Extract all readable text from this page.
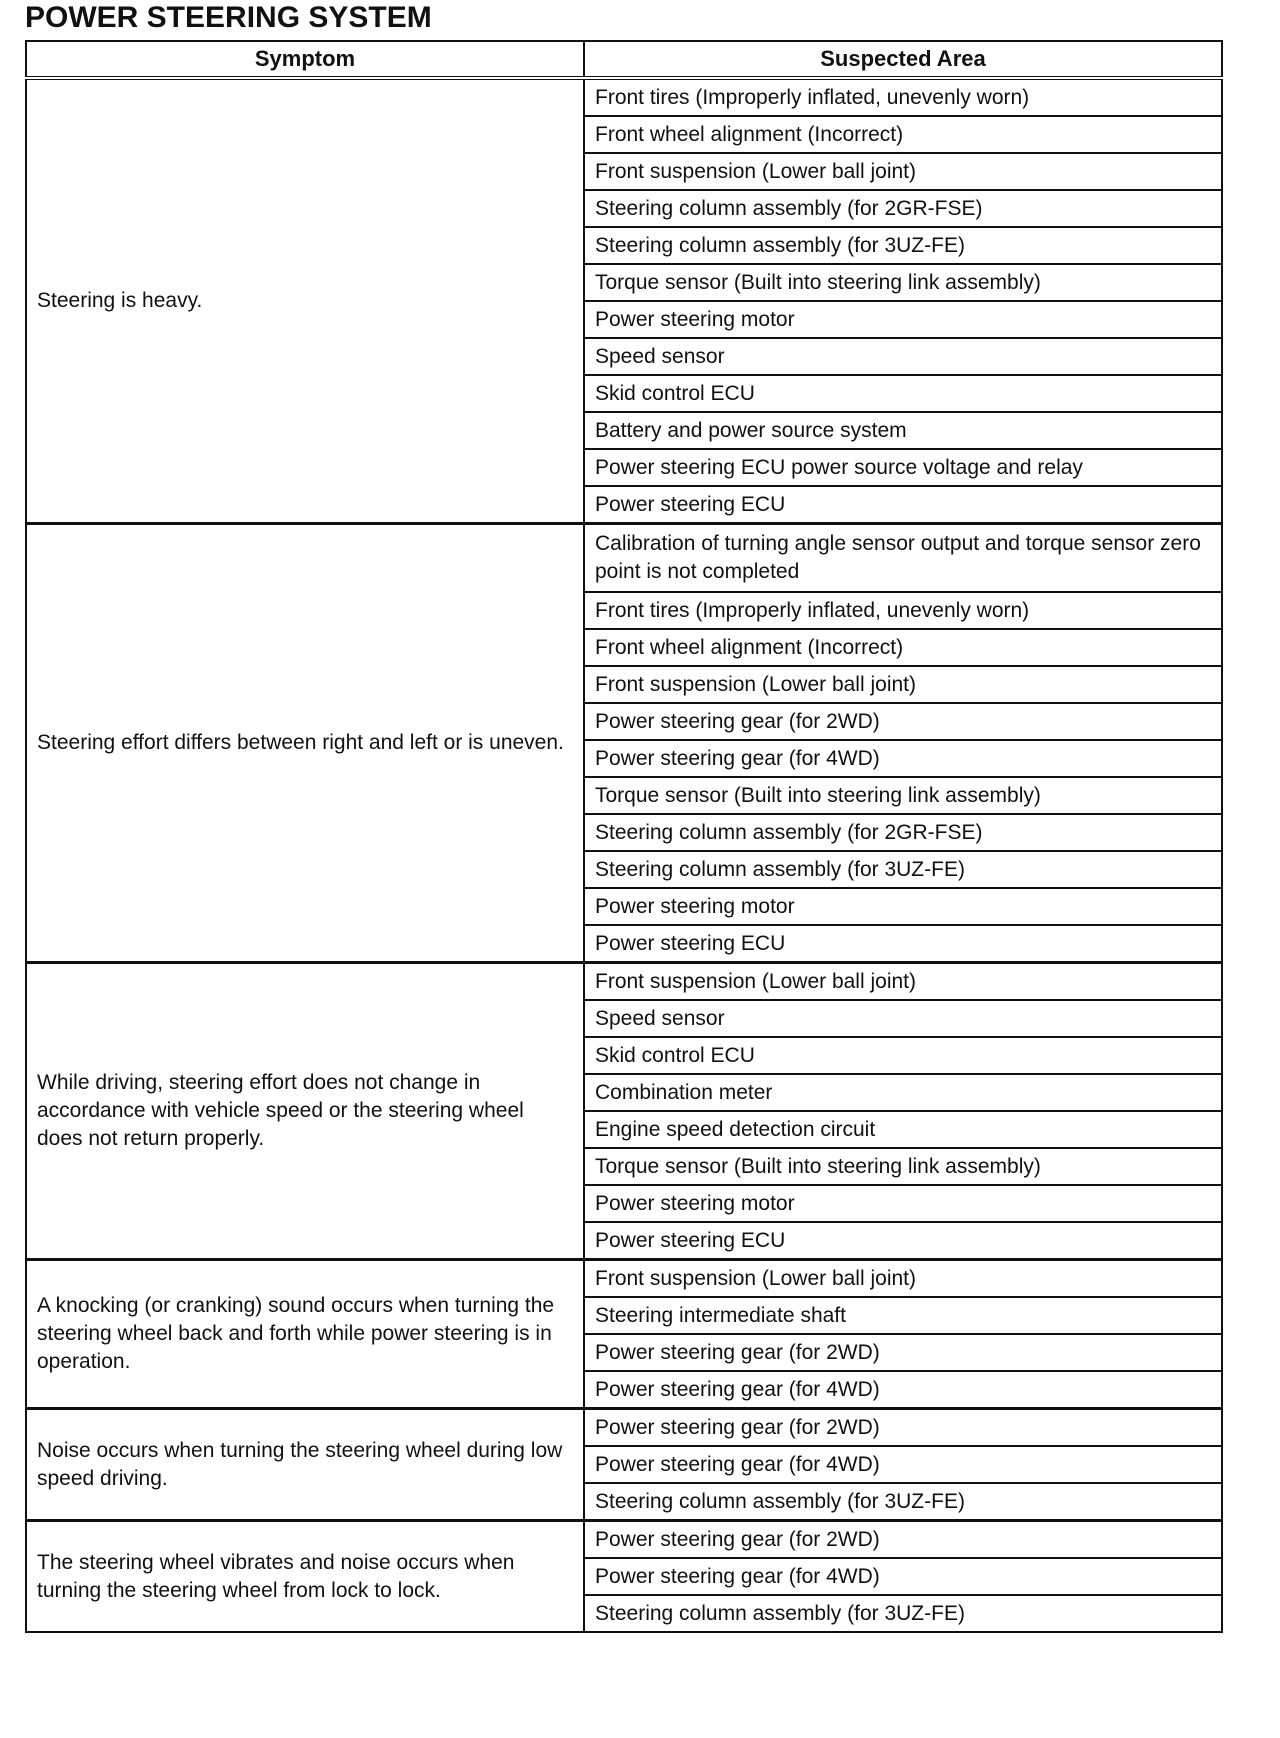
POWER STEERING SYSTEM
Symptom	Suspected Area
Steering is heavy.	Front tires (Improperly inflated, unevenly worn)
	Front wheel alignment (Incorrect)
	Front suspension (Lower ball joint)
	Steering column assembly (for 2GR-FSE)
	Steering column assembly (for 3UZ-FE)
	Torque sensor (Built into steering link assembly)
	Power steering motor
	Speed sensor
	Skid control ECU
	Battery and power source system
	Power steering ECU power source voltage and relay
	Power steering ECU
Steering effort differs between right and left or is uneven.	Calibration of turning angle sensor output and torque sensor zero point is not completed
	Front tires (Improperly inflated, unevenly worn)
	Front wheel alignment (Incorrect)
	Front suspension (Lower ball joint)
	Power steering gear (for 2WD)
	Power steering gear (for 4WD)
	Torque sensor (Built into steering link assembly)
	Steering column assembly (for 2GR-FSE)
	Steering column assembly (for 3UZ-FE)
	Power steering motor
	Power steering ECU
While driving, steering effort does not change in accordance with vehicle speed or the steering wheel does not return properly.	Front suspension (Lower ball joint)
	Speed sensor
	Skid control ECU
	Combination meter
	Engine speed detection circuit
	Torque sensor (Built into steering link assembly)
	Power steering motor
	Power steering ECU
A knocking (or cranking) sound occurs when turning the steering wheel back and forth while power steering is in operation.	Front suspension (Lower ball joint)
	Steering intermediate shaft
	Power steering gear (for 2WD)
	Power steering gear (for 4WD)
Noise occurs when turning the steering wheel during low speed driving.	Power steering gear (for 2WD)
	Power steering gear (for 4WD)
	Steering column assembly (for 3UZ-FE)
The steering wheel vibrates and noise occurs when turning the steering wheel from lock to lock.	Power steering gear (for 2WD)
	Power steering gear (for 4WD)
	Steering column assembly (for 3UZ-FE)
